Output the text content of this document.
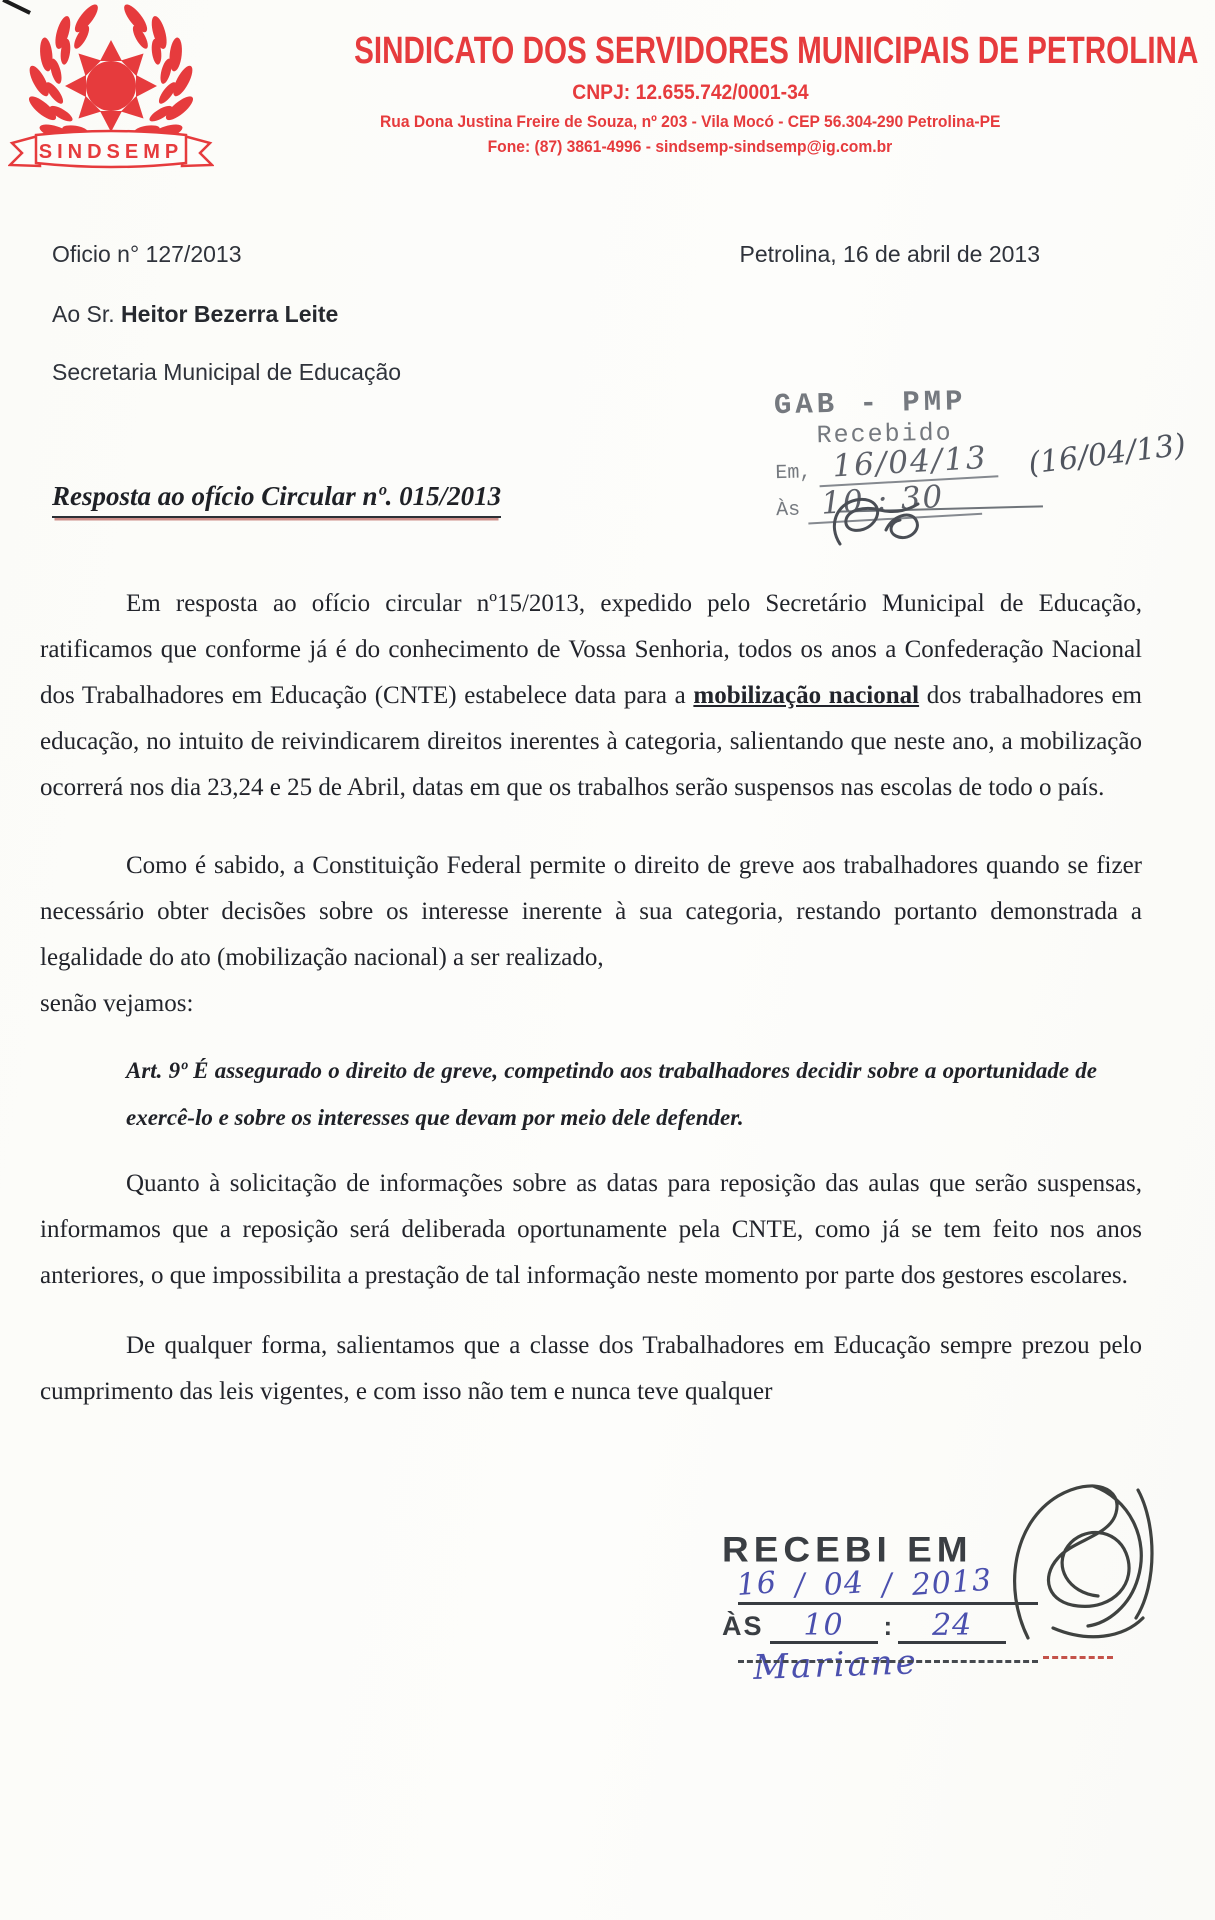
SINDSEMP
SINDICATO DOS SERVIDORES MUNICIPAIS DE PETROLINA
CNPJ: 12.655.742/0001-34
Rua Dona Justina Freire de Souza, nº 203 - Vila Mocó - CEP 56.304-290 Petrolina-PE
Fone: (87) 3861-4996 - sindsemp-sindsemp@ig.com.br
Oficio n° 127/2013	Petrolina, 16 de abril de 2013
Ao Sr. Heitor Bezerra Leite
Secretaria Municipal de Educação
GAB - PMP
Recebido
Em, 16/04/13
Às 10 : 30
(16/04/13)
Resposta ao ofício Circular nº. 015/2013

Em resposta ao ofício circular nº15/2013, expedido pelo Secretário Municipal de Educação, ratificamos que conforme já é do conhecimento de Vossa Senhoria, todos os anos a Confederação Nacional dos Trabalhadores em Educação (CNTE) estabelece data para a mobilização nacional dos trabalhadores em educação, no intuito de reivindicarem direitos inerentes à categoria, salientando que neste ano, a mobilização ocorrerá nos dia 23,24 e 25 de Abril, datas em que os trabalhos serão suspensos nas escolas de todo o país.

Como é sabido, a Constituição Federal permite o direito de greve aos trabalhadores quando se fizer necessário obter decisões sobre os interesse inerente à sua categoria, restando portanto demonstrada a legalidade do ato (mobilização nacional) a ser realizado,
senão vejamos:

Art. 9º É assegurado o direito de greve, competindo aos trabalhadores decidir sobre a oportunidade de exercê-lo e sobre os interesses que devam por meio dele defender.

Quanto à solicitação de informações sobre as datas para reposição das aulas que serão suspensas, informamos que a reposição será deliberada oportunamente pela CNTE, como já se tem feito nos anos anteriores, o que impossibilita a prestação de tal informação neste momento por parte dos gestores escolares.

De qualquer forma, salientamos que a classe dos Trabalhadores em Educação sempre prezou pelo cumprimento das leis vigentes, e com isso não tem e nunca teve qualquer

RECEBI EM
16 / 04 / 2013
ÀS	10	:	24
Mariane
